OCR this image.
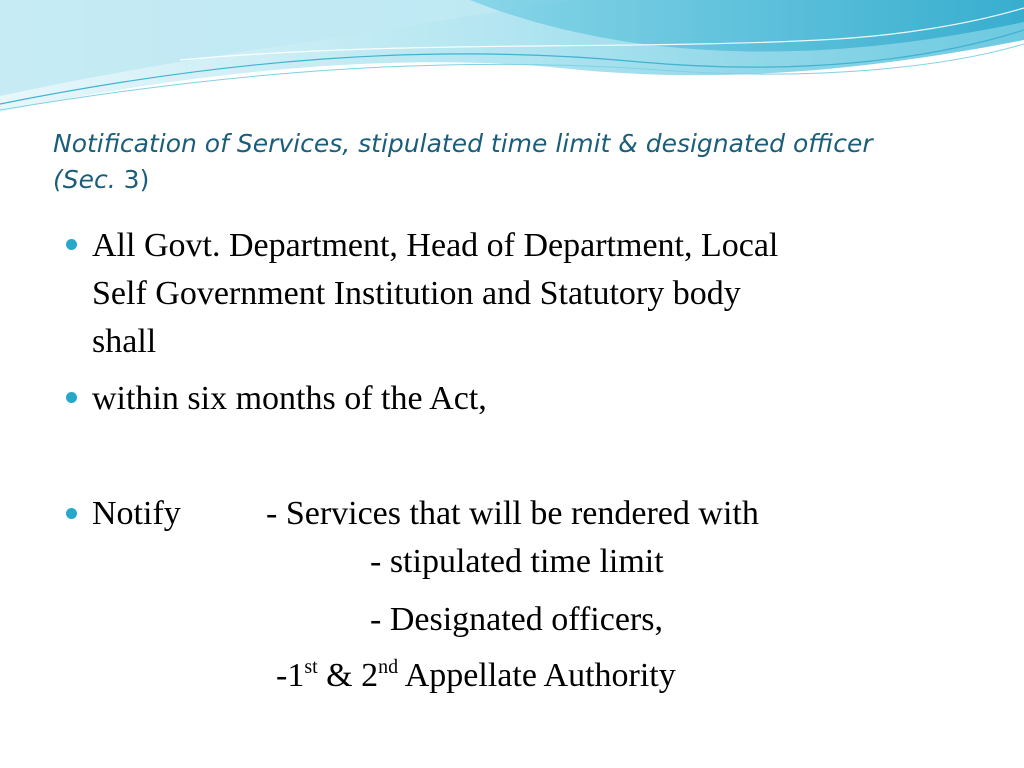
Notification of Services, stipulated time limit & designated officer
(Sec. 3)
All Govt. Department, Head of Department, Local
Self Government Institution and Statutory body
shall
within six months of the Act,
Notify	- Services that will be rendered with
- stipulated time limit
- Designated officers,
-1st & 2nd Appellate Authority
